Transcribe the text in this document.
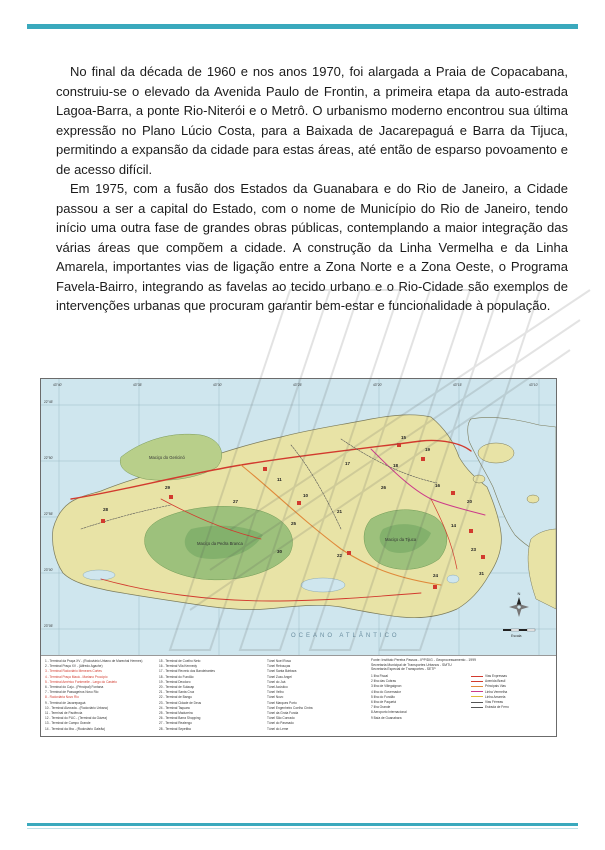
No final da década de 1960 e nos anos 1970, foi alargada a Praia de Copacabana, construiu-se o elevado da Avenida Paulo de Frontin, a primeira etapa da auto-estrada Lagoa-Barra, a ponte Rio-Niterói e o Metrô. O urbanismo moderno encontrou sua última expressão no Plano Lúcio Costa, para a Baixada de Jacarepaguá e Barra da Tijuca, permitindo a expansão da cidade para estas áreas, até então de esparso povoamento e de acesso difícil.

Em 1975, com a fusão dos Estados da Guanabara e do Rio de Janeiro, a Cidade passou a ser a capital do Estado, com o nome de Município do Rio de Janeiro, tendo início uma outra fase de grandes obras públicas, contemplando a maior integração das várias áreas que compõem a cidade. A construção da Linha Vermelha e da Linha Amarela, importantes vias de ligação entre a Zona Norte e a Zona Oeste, o Programa Favela-Bairro, integrando as favelas ao tecido urbano e o Rio-Cidade são exemplos de intervenções urbanas que procuram garantir bem-estar e funcionalidade à população.

22°45'
22°50'
22°55'
23°00'
23°05'
43°40'	43°35'	43°30'	43°25'	43°20'	43°15'	43°10'
Maciço do Gericinó
Maciço da Pedra Branca
Maciço da Tijuca
OCEANO ATLÂNTICO
10
11
14
15
16
17	18
19
20
21
22
23
24
25
26
27
28
29
30
31
N
Escala
1 - Terminal da Praça XV - (Rodoviário Urbano de Marechal Hermes)
2 - Terminal Praça XV - (Alfredo Agache)
3 - Terminal Rodoviário Menezes Cortes
4 - Terminal Praça Mauá - Mariano Procópio
5 - Terminal Américo Fontenelle - Largo do Castelo
6 - Terminal do Caju - (Principal) Fontana
7 - Terminal de Passageiros Novo Rio
8 - Rodoviária Novo Rio
9 - Terminal de Jacarepaguá
10 - Terminal Alvorada - (Rodoviário Urbano)
11 - Terminal de Paciência
12 - Terminal do PUC - (Terminal da Gávea)
13 - Terminal de Campo Grande
14 - Terminal da Ilha - (Rodoviário Galeão)
15 - Terminal de Coelho Neto
16 - Terminal Vila Kennedy
17 - Terminal Recreio dos Bandeirantes
18 - Terminal do Fundão
19 - Terminal Deodoro
20 - Terminal de Sulacap
21 - Terminal Santa Cruz
22 - Terminal de Bangu
23 - Terminal Cidade de Deus
24 - Terminal Taquara
25 - Terminal Madureira
26 - Terminal Barra Shopping
27 - Terminal Realengo
28 - Terminal Sepetiba
Túnel Noel Rosa
Túnel Rebouças
Túnel Santa Bárbara
Túnel Zuzu Angel
Túnel do Joá
Túnel Acústico
Túnel Velho
Túnel Novo
Túnel Marques Porto
Túnel Engenheiro Coelho Cintra
Túnel da Grota Funda
Túnel São Conrado
Túnel do Pasmado
Túnel do Leme
1 Ilha Fiscal
2 Ilha das Cobras
3 Ilha de Villegaignon
4 Ilha do Governador
5 Ilha do Fundão
6 Ilha de Paquetá
7 Ilha Grande
8 Aeroporto Internacional
9 Baía de Guanabara
Vias Expressas
Avenida Brasil
Principais Vias
Linha Vermelha
Linha Amarela
Vias Férreas
Estrada de Ferro
Fonte: Instituto Pereira Passos - IPP/DIG - Geoprocessamento - 1999
Secretaria Municipal de Transportes Urbanos - SMTU
Secretaria Especial de Transportes - SETP
